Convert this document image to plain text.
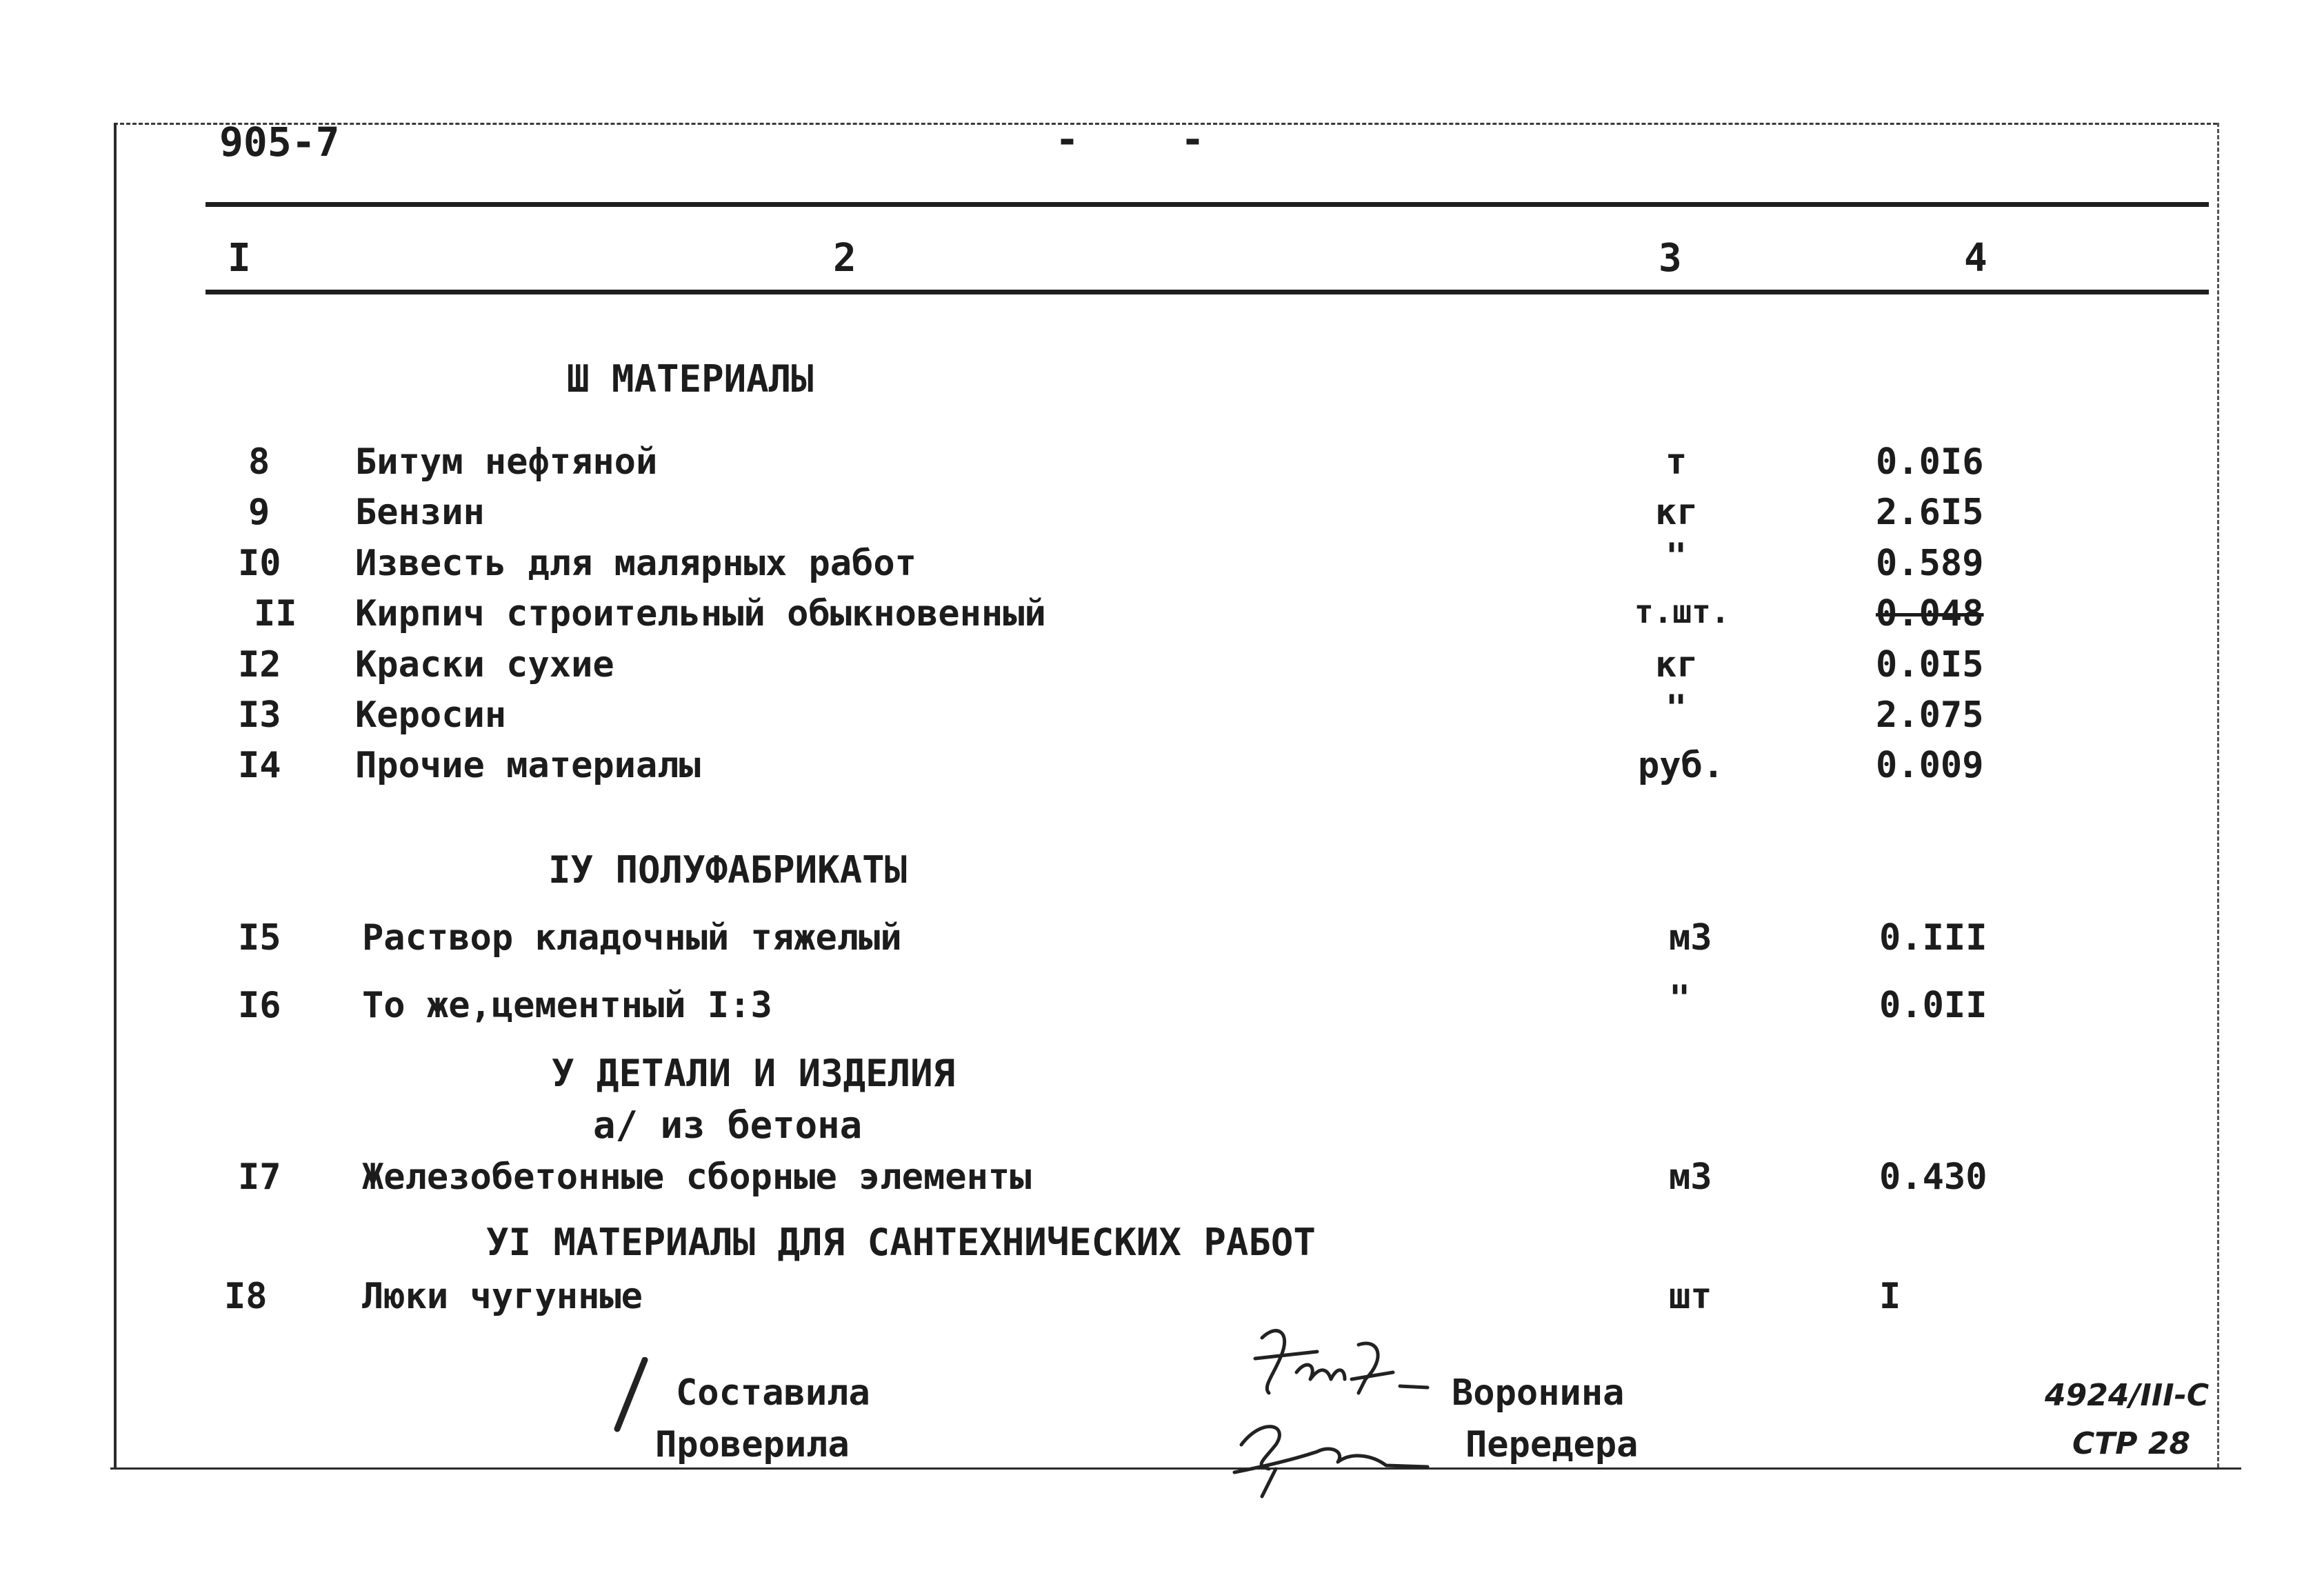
905-7	-	-
I	2	3	4
Ш МАТЕРИАЛЫ
8 Битум нефтяной	т	0.0I6
9 Бензин	кг	2.6I5
I0 Известь для малярных работ	"	0.589
II Кирпич строительный обыкновенный	т.шт.	0.048
I2 Краски сухие	кг	0.0I5
I3 Керосин	"	2.075
I4 Прочие материалы	руб.	0.009
IУ ПОЛУФАБРИКАТЫ
I5 Раствор кладочный тяжелый	м3	0.III
I6 То же,цементный I:3	"	0.0II
У ДЕТАЛИ И ИЗДЕЛИЯ
а/ из бетона
I7 Железобетонные сборные элементы	м3	0.430
УI МАТЕРИАЛЫ ДЛЯ САНТЕХНИЧЕСКИХ РАБОТ
I8	Люки чугунные	шт	I
Составила
Проверила
Воронина
Передера
4924/III-C
СТР 28
